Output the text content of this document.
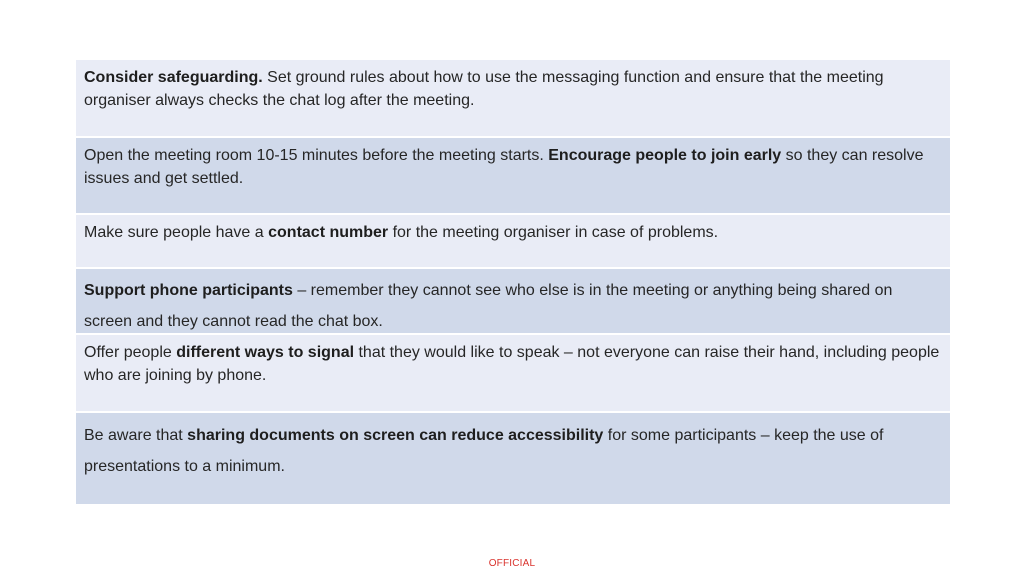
Consider safeguarding. Set ground rules about how to use the messaging function and ensure that the meeting organiser always checks the chat log after the meeting.
Open the meeting room 10-15 minutes before the meeting starts. Encourage people to join early so they can resolve issues and get settled.
Make sure people have a contact number for the meeting organiser in case of problems.
Support phone participants – remember they cannot see who else is in the meeting or anything being shared on screen and they cannot read the chat box.
Offer people different ways to signal that they would like to speak – not everyone can raise their hand, including people who are joining by phone.
Be aware that sharing documents on screen can reduce accessibility for some participants – keep the use of presentations to a minimum.
OFFICIAL
